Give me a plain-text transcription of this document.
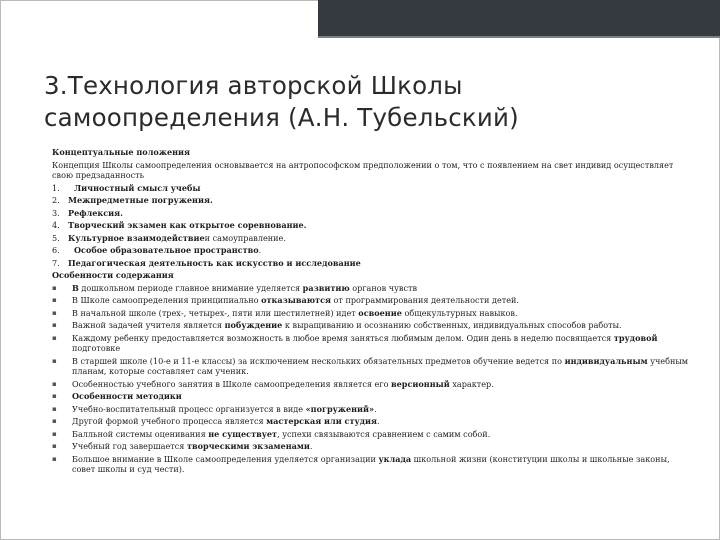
3.Технология авторской Школы
самоопределения (А.Н. Тубельский)
Концептуальные положения
Концепция Школы самоопределения основывается на антропософском предположении о том, что с появлением на свет индивид осуществляет свою предзаданность
1.	Личностный смысл учебы
2.	Межпредметные погружения.
3.	Рефлексия.
4.	Творческий экзамен как открытое соревнование.
5.	Культурное взаимодействие и самоуправление.
6.	Особое образовательное пространство .
7.	Педагогическая деятельность как искусство и исследование
Особенности содержания
▪	В дошкольном периоде главное внимание уделяется развитию органов чувств
▪	В Школе самоопределения принципиально отказываются от программирования деятельности детей.
▪	В начальной школе (трех-, четырех-, пяти или шестилетней) идет освоение общекультурных навыков.
▪	Важной задачей учителя является побуждение к выращиванию и осознанию собственных, индивидуальных способов работы.
▪	Каждому ребенку предоставляется возможность в любое время заняться любимым делом. Один день в неделю посвящается трудовой подготовке
▪	В старшей школе (10-е и 11-е классы) за исключением нескольких обязательных предметов обучение ведется по индивидуальным учебным планам, которые составляет сам ученик.
▪	Особенностью учебного занятия в Школе самоопределения является его версионный характер.
▪	Особенности методики
▪	Учебно-воспитательный процесс организуется в виде «погружений».
▪	Другой формой учебного процесса является мастерская или студия.
▪	Балльной системы оценивания не существует, успехи связываются сравнением с самим собой.
▪	Учебный год завершается творческими экзаменами.
▪	Большое внимание в Школе самоопределения уделяется организации уклада школьной жизни (конституции школы и школьные законы, совет школы и суд чести).
